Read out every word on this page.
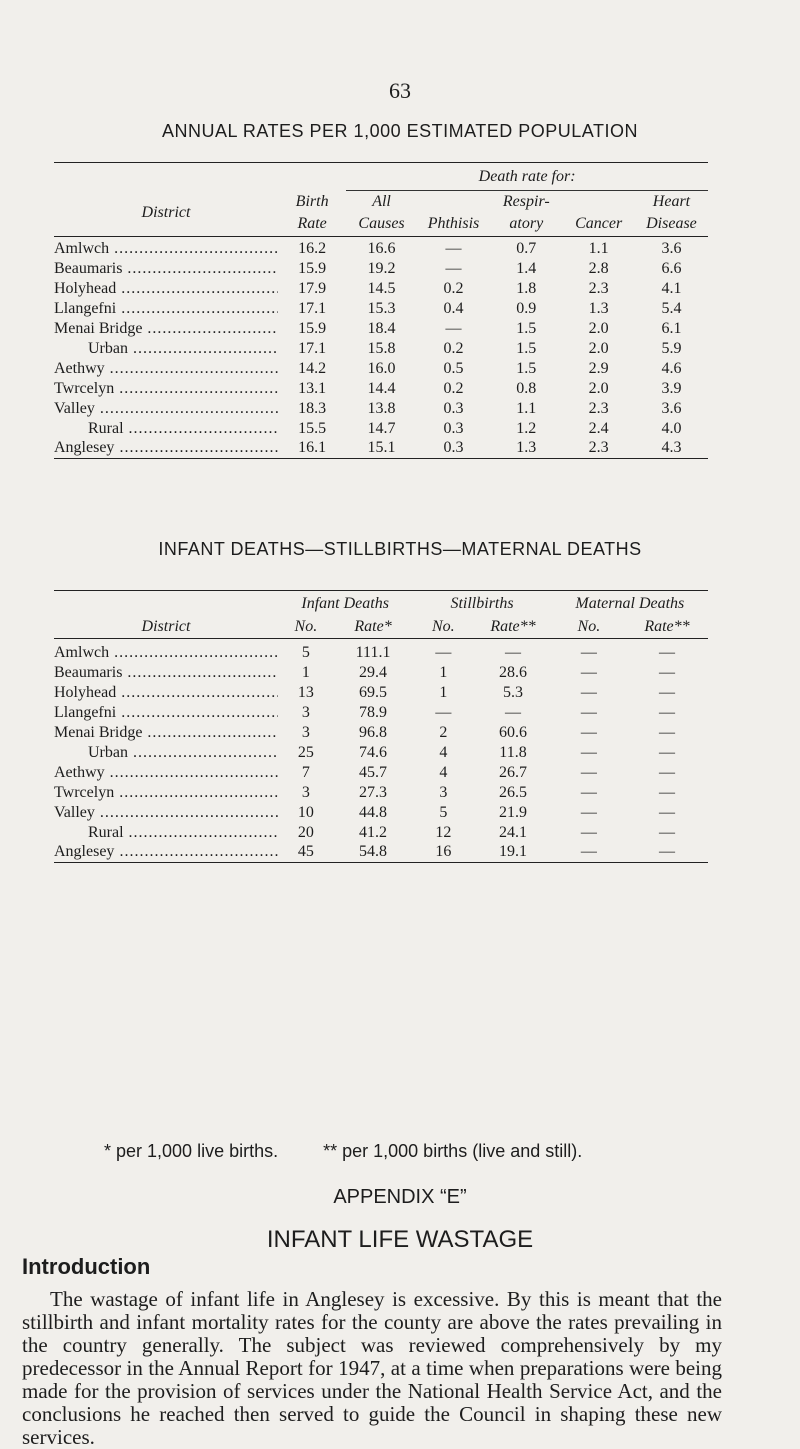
63
ANNUAL RATES PER 1,000 ESTIMATED POPULATION
		Death rate for:				
District	Birth	All		Respir-		Heart
	Rate	Causes	Phthisis	atory	Cancer	Disease

Amlwch .....	16.2	16.6	—	0.7	1.1	3.6
Beaumaris .....	15.9	19.2	—	1.4	2.8	6.6
Holyhead .....	17.9	14.5	0.2	1.8	2.3	4.1
Llangefni .....	17.1	15.3	0.4	0.9	1.3	5.4
Menai Bridge .....	15.9	18.4	—	1.5	2.0	6.1
Urban .....	17.1	15.8	0.2	1.5	2.0	5.9
Aethwy .....	14.2	16.0	0.5	1.5	2.9	4.6
Twrcelyn .....	13.1	14.4	0.2	0.8	2.0	3.9
Valley .....	18.3	13.8	0.3	1.1	2.3	3.6
Rural .....	15.5	14.7	0.3	1.2	2.4	4.0
Anglesey .....	16.1	15.1	0.3	1.3	2.3	4.3
INFANT DEATHS—STILLBIRTHS—MATERNAL DEATHS
	Infant Deaths		Stillbirths		Maternal Deaths	
District	No.	Rate*	No.	Rate**	No.	Rate**

Amlwch .....	5	111.1	—	—	—	—
Beaumaris .....	1	29.4	1	28.6	—	—
Holyhead .....	13	69.5	1	5.3	—	—
Llangefni .....	3	78.9	—	—	—	—
Menai Bridge .....	3	96.8	2	60.6	—	—
Urban .....	25	74.6	4	11.8	—	—
Aethwy .....	7	45.7	4	26.7	—	—
Twrcelyn .....	3	27.3	3	26.5	—	—
Valley .....	10	44.8	5	21.9	—	—
Rural .....	20	41.2	12	24.1	—	—
Anglesey .....	45	54.8	16	19.1	—	—
* per 1,000 live births.	** per 1,000 births (live and still).
APPENDIX “E”
INFANT LIFE WASTAGE
Introduction
The wastage of infant life in Anglesey is excessive. By this is meant that the stillbirth and infant mortality rates for the county are above the rates prevailing in the country generally. The subject was reviewed comprehensively by my predecessor in the Annual Report for 1947, at a time when preparations were being made for the provision of services under the National Health Service Act, and the conclusions he reached then served to guide the Council in shaping these new services.
